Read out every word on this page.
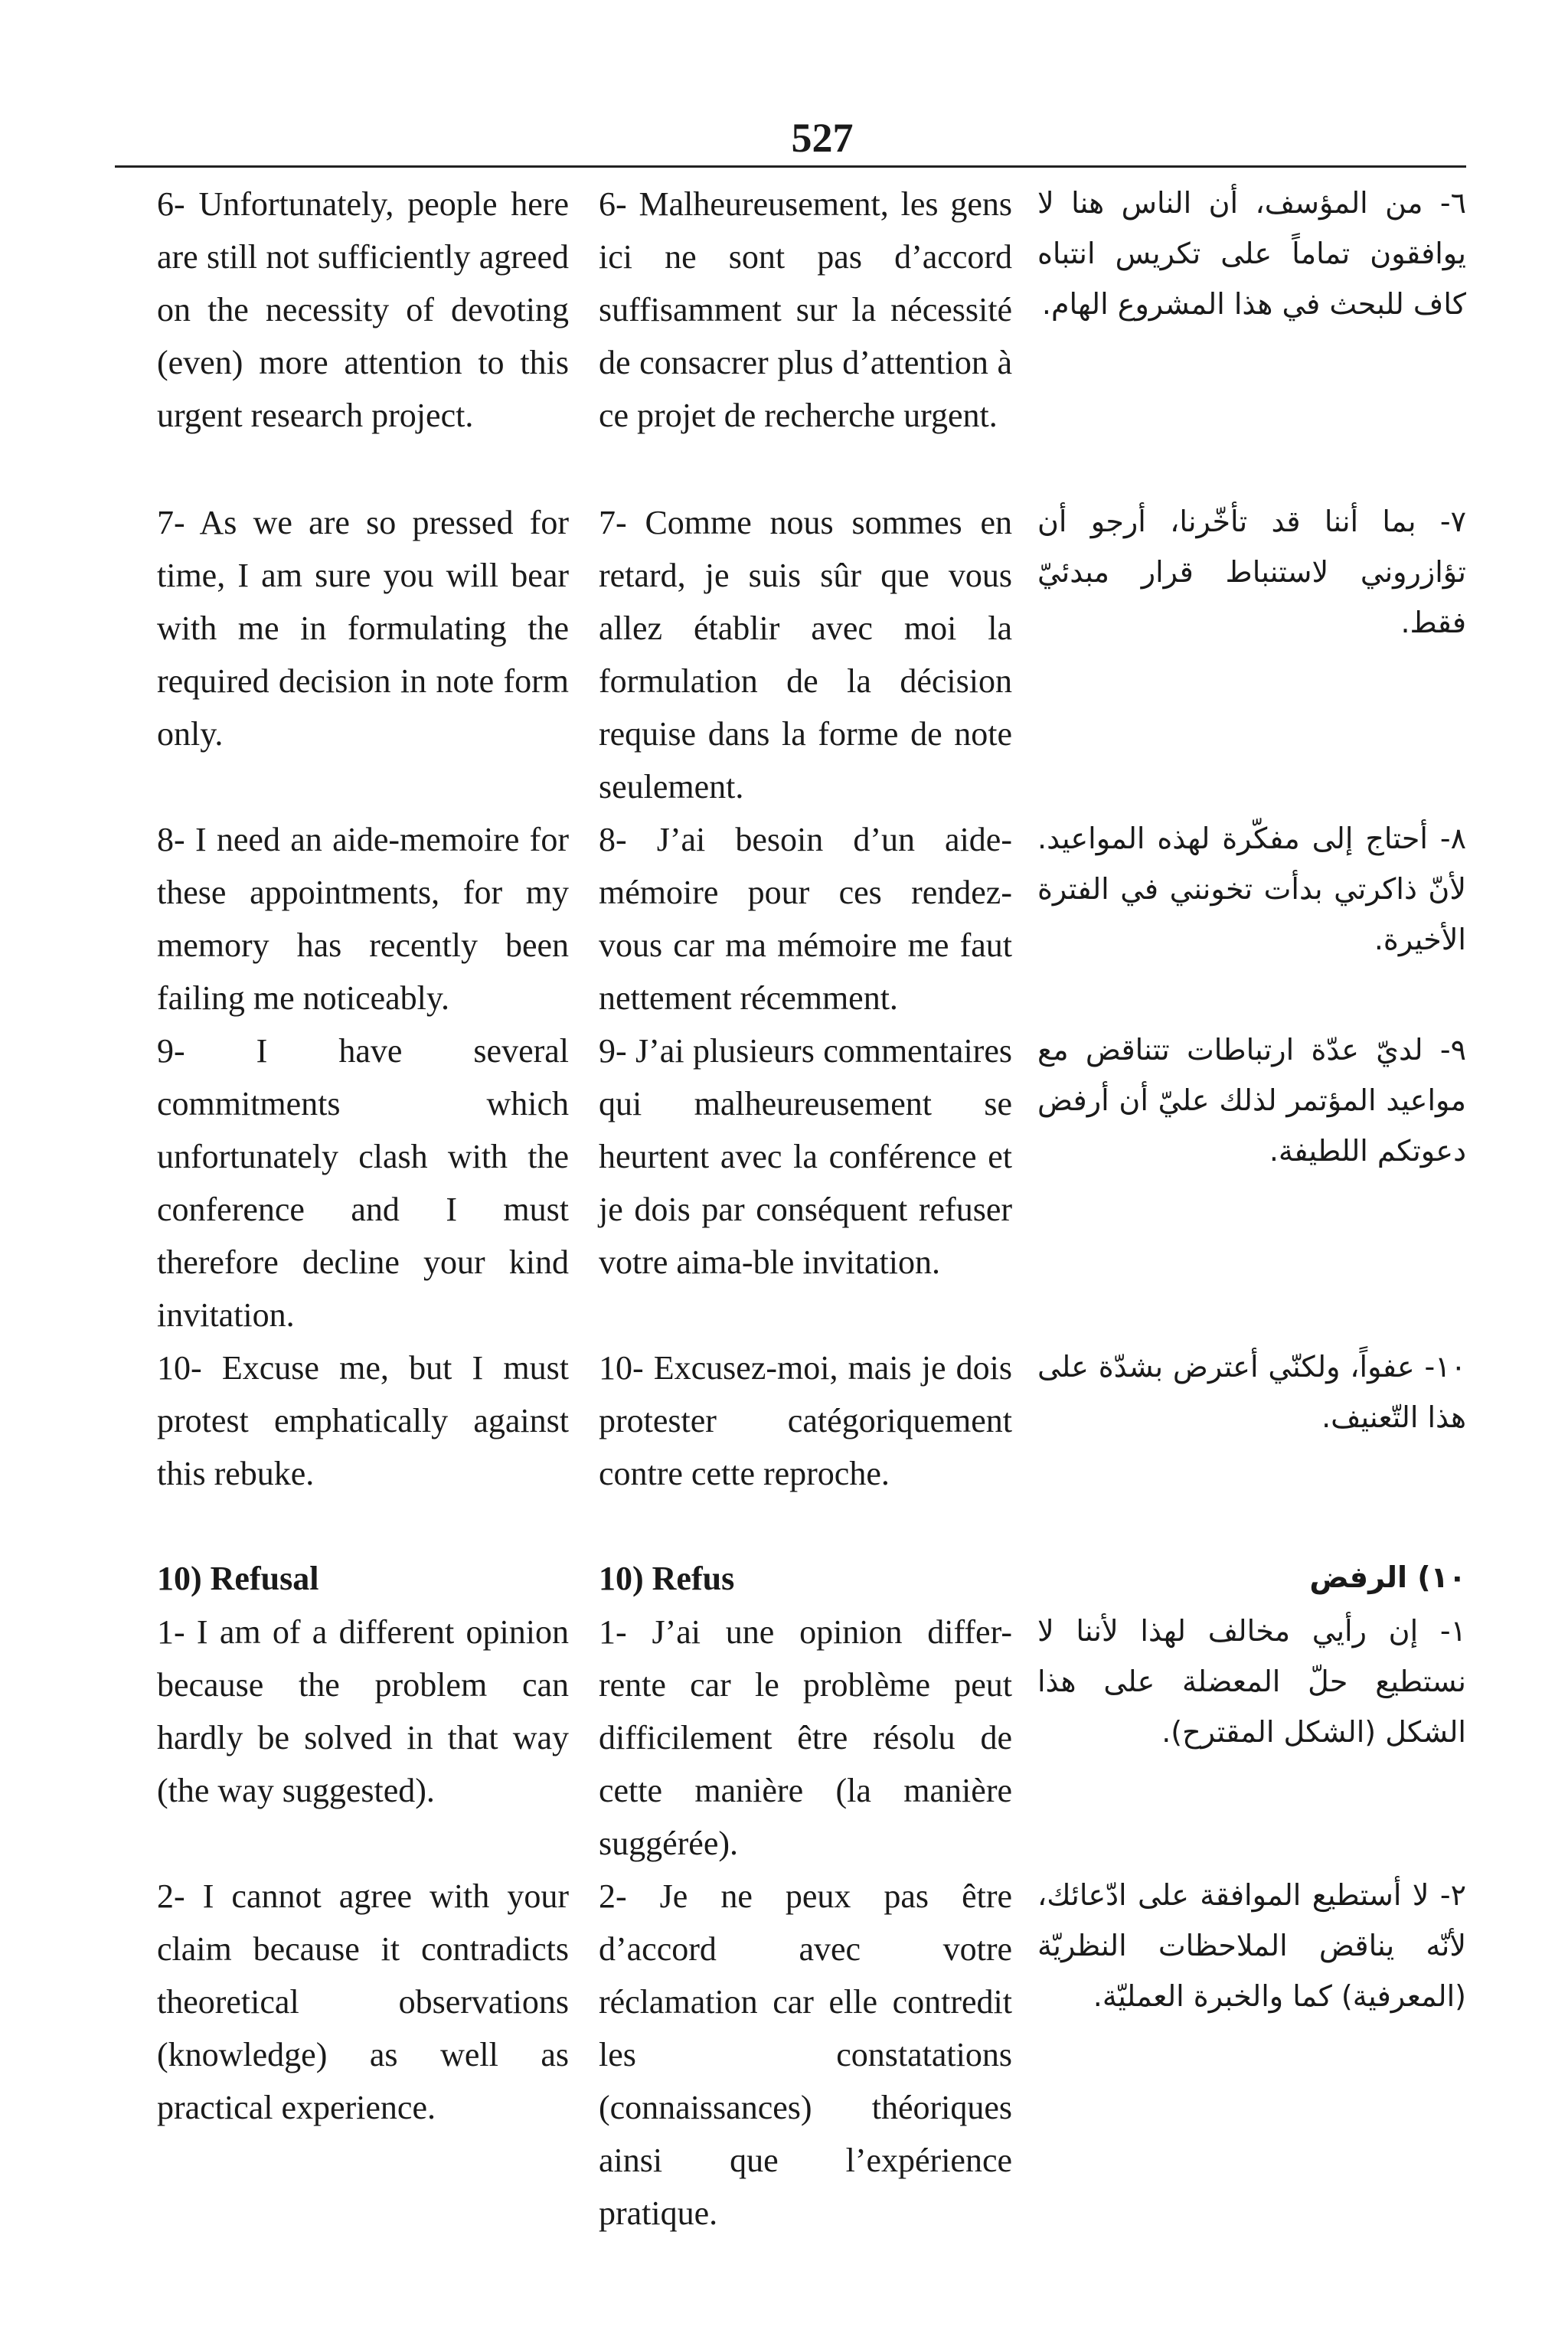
527
6- Unfortunately, people here are still not sufficiently agreed on the necessity of devoting (even) more attention to this urgent research project.
6- Malheureusement, les gens ici ne sont pas d’accord suffisamment sur la nécessité de consacrer plus d’attention à ce projet de recherche urgent.
٦- من المؤسف، أن الناس هنا لا يوافقون تماماً على تكريس انتباه كاف للبحث في هذا المشروع الهام.
7- As we are so pressed for time, I am sure you will bear with me in formulating the required decision in note form only.
7- Comme nous sommes en retard, je suis sûr que vous allez établir avec moi la formulation de la décision requise dans la forme de note seulement.
٧- بما أننا قد تأخّرنا، أرجو أن تؤازروني لاستنباط قرار مبدئيّ فقط.
8- I need an aide-memoire for these appointments, for my memory has recently been failing me noticeably.
8- J’ai besoin d’un aide-mémoire pour ces rendez-vous car ma mémoire me faut nettement récemment.
٨- أحتاج إلى مفكّرة لهذه المواعيد. لأنّ ذاكرتي بدأت تخونني في الفترة الأخيرة.
9- I have several commitments which unfortunately clash with the conference and I must therefore decline your kind invitation.
9- J’ai plusieurs commentaires qui malheureusement se heurtent avec la conférence et je dois par conséquent refuser votre aima-ble invitation.
٩- لديّ عدّة ارتباطات تتناقض مع مواعيد المؤتمر لذلك عليّ أن أرفض دعوتكم اللطيفة.
10- Excuse me, but I must protest emphatically against this rebuke.
10- Excusez-moi, mais je dois protester catégoriquement contre cette reproche.
١٠- عفواً، ولكنّي أعترض بشدّة على هذا التّعنيف.
10) Refusal	10) Refus	١٠) الرفض
1- I am of a different opinion because the problem can hardly be solved in that way (the way suggested).
1- J’ai une opinion differ-rente car le problème peut difficilement être résolu de cette manière (la manière suggérée).
١- إن رأيي مخالف لهذا لأننا لا نستطيع حلّ المعضلة على هذا الشكل (الشكل المقترح).
2- I cannot agree with your claim because it contradicts theoretical observations (knowledge) as well as practical experience.
2- Je ne peux pas être d’accord avec votre réclamation car elle contredit les constatations (connaissances) théoriques ainsi que l’expérience pratique.
٢- لا أستطيع الموافقة على ادّعائك، لأنّه يناقض الملاحظات النظريّة (المعرفية) كما والخبرة العمليّة.
